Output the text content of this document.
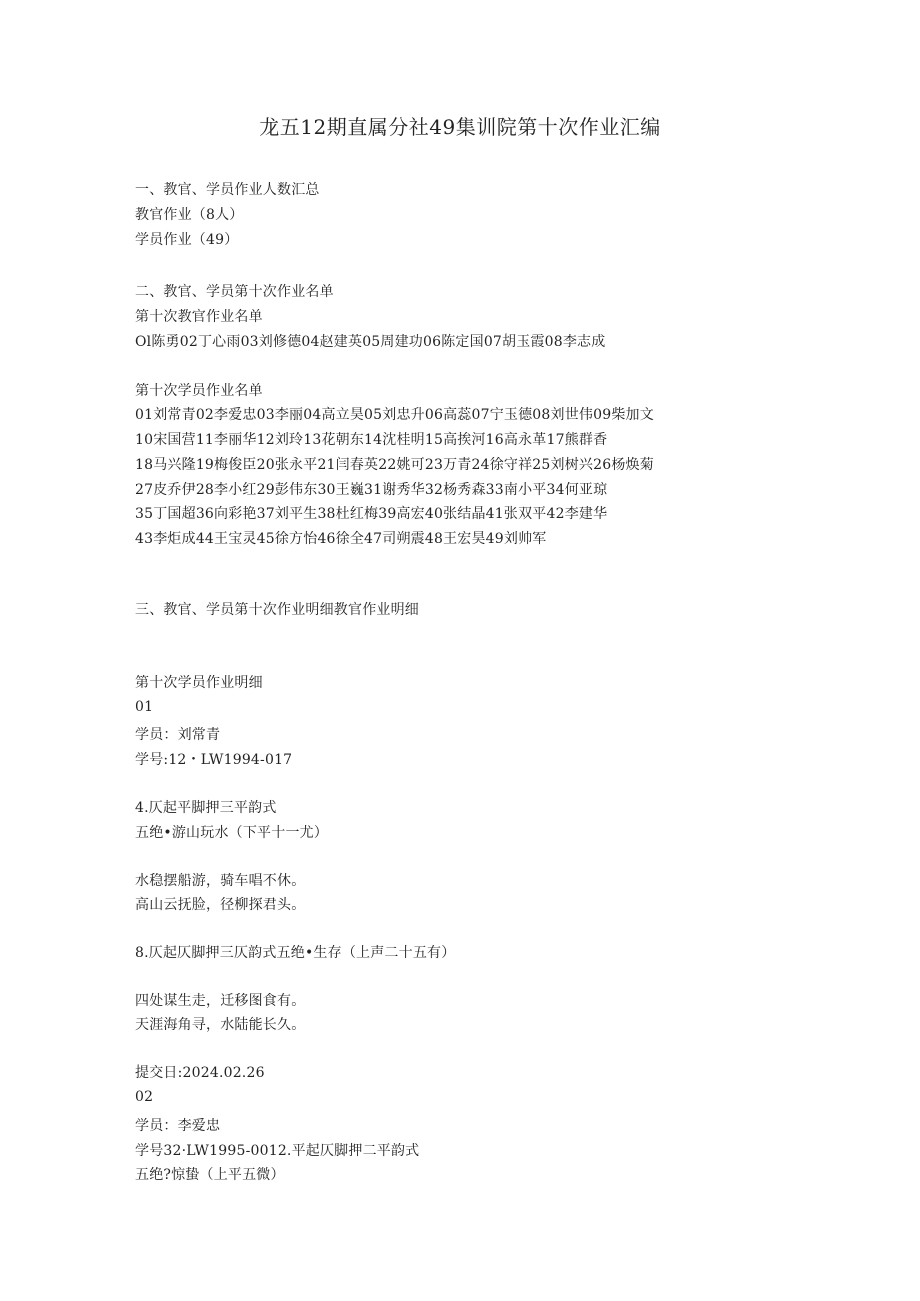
龙五12期直属分社49集训院第十次作业汇编
一、教官、学员作业人数汇总
教官作业（8人）
学员作业（49）
二、教官、学员第十次作业名单
第十次教官作业名单
Ol陈勇02丁心雨03刘修德04赵建英05周建功06陈定国07胡玉霞08李志成
第十次学员作业名单
01刘常青02李爱忠03李丽04高立昊05刘忠升06高蕊07宁玉德08刘世伟09柴加文
10宋国营11李丽华12刘玲13花朝东14沈桂明15高挨河16高永革17熊群香
18马兴隆19梅俊臣20张永平21闫春英22姚可23万青24徐守祥25刘树兴26杨焕菊
27皮乔伊28李小红29彭伟东30王巍31谢秀华32杨秀森33南小平34何亚琼
35丁国超36向彩艳37刘平生38杜红梅39高宏40张结晶41张双平42李建华
43李炬成44王宝灵45徐方怡46徐全47司朔震48王宏昊49刘帅军
三、教官、学员第十次作业明细教官作业明细
第十次学员作业明细
01
学员：刘常青
学号:12・LW1994-017
4.仄起平脚押三平韵式
五绝•游山玩水（下平十一尤）
水稳摆船游，骑车唱不休。
高山云抚脸，径柳探君头。
8.仄起仄脚押三仄韵式五绝•生存（上声二十五有）
四处谋生走，迁移图食有。
天涯海角寻，水陆能长久。
提交日:2024.02.26
02
学员：李爱忠
学号32·LW1995-0012.平起仄脚押二平韵式
五绝?惊蛰（上平五微）
